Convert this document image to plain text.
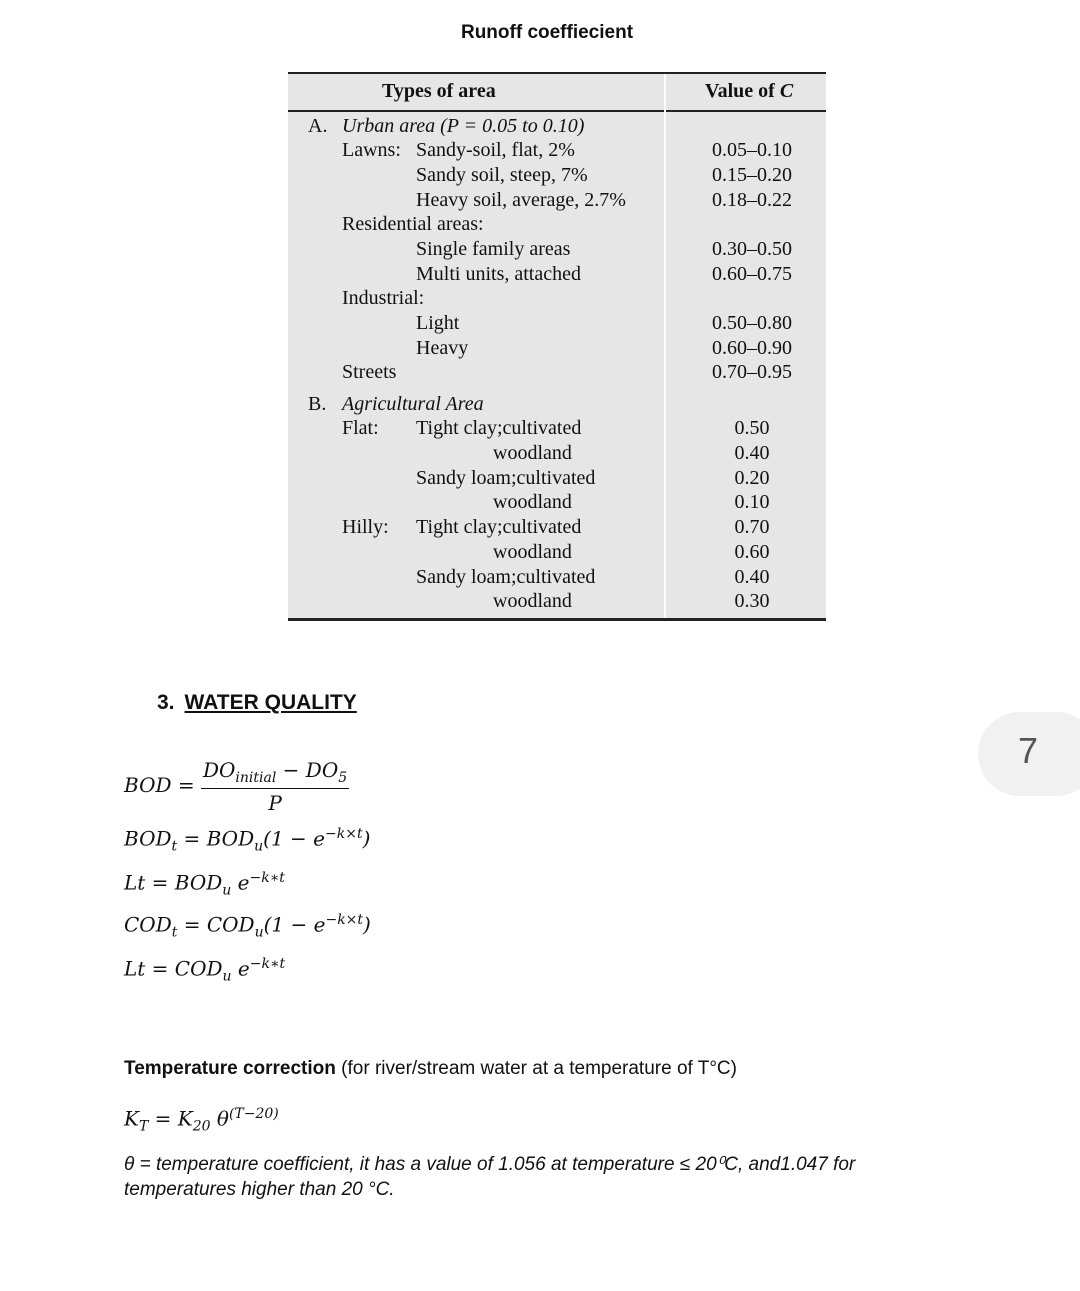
Runoff coeffiecient
Types of area	Value of C
A. Urban area (P = 0.05 to 0.10)
Lawns: Sandy-soil, flat, 2%	0.05–0.10
Sandy soil, steep, 7%	0.15–0.20
Heavy soil, average, 2.7%	0.18–0.22
Residential areas:
Single family areas	0.30–0.50
Multi units, attached	0.60–0.75
Industrial:
Light	0.50–0.80
Heavy	0.60–0.90
Streets	0.70–0.95
B. Agricultural Area
Flat: Tight clay;cultivated	0.50
woodland	0.40
Sandy loam;cultivated	0.20
woodland	0.10
Hilly: Tight clay;cultivated	0.70
woodland	0.60
Sandy loam;cultivated	0.40
woodland	0.30
3. WATER QUALITY
7
BOD = $\frac{DO_{initial} - DO_5}{P}$
$BOD_t = BOD_u(1 - e^{-k\times t})$
$Lt = BOD_u$ $e^{-k∗t}$
$COD_t = COD_u(1 - e^{-k\times t})$
$Lt = COD_u$ $e^{-k∗t}$
Temperature correction (for river/stream water at a temperature of T°C)
$K_T = K_{20}$ $\theta^{(T-20)}$
θ = temperature coefficient, it has a value of 1.056 at temperature ≤ 20⁰C, and1.047 for temperatures higher than 20 °C.
